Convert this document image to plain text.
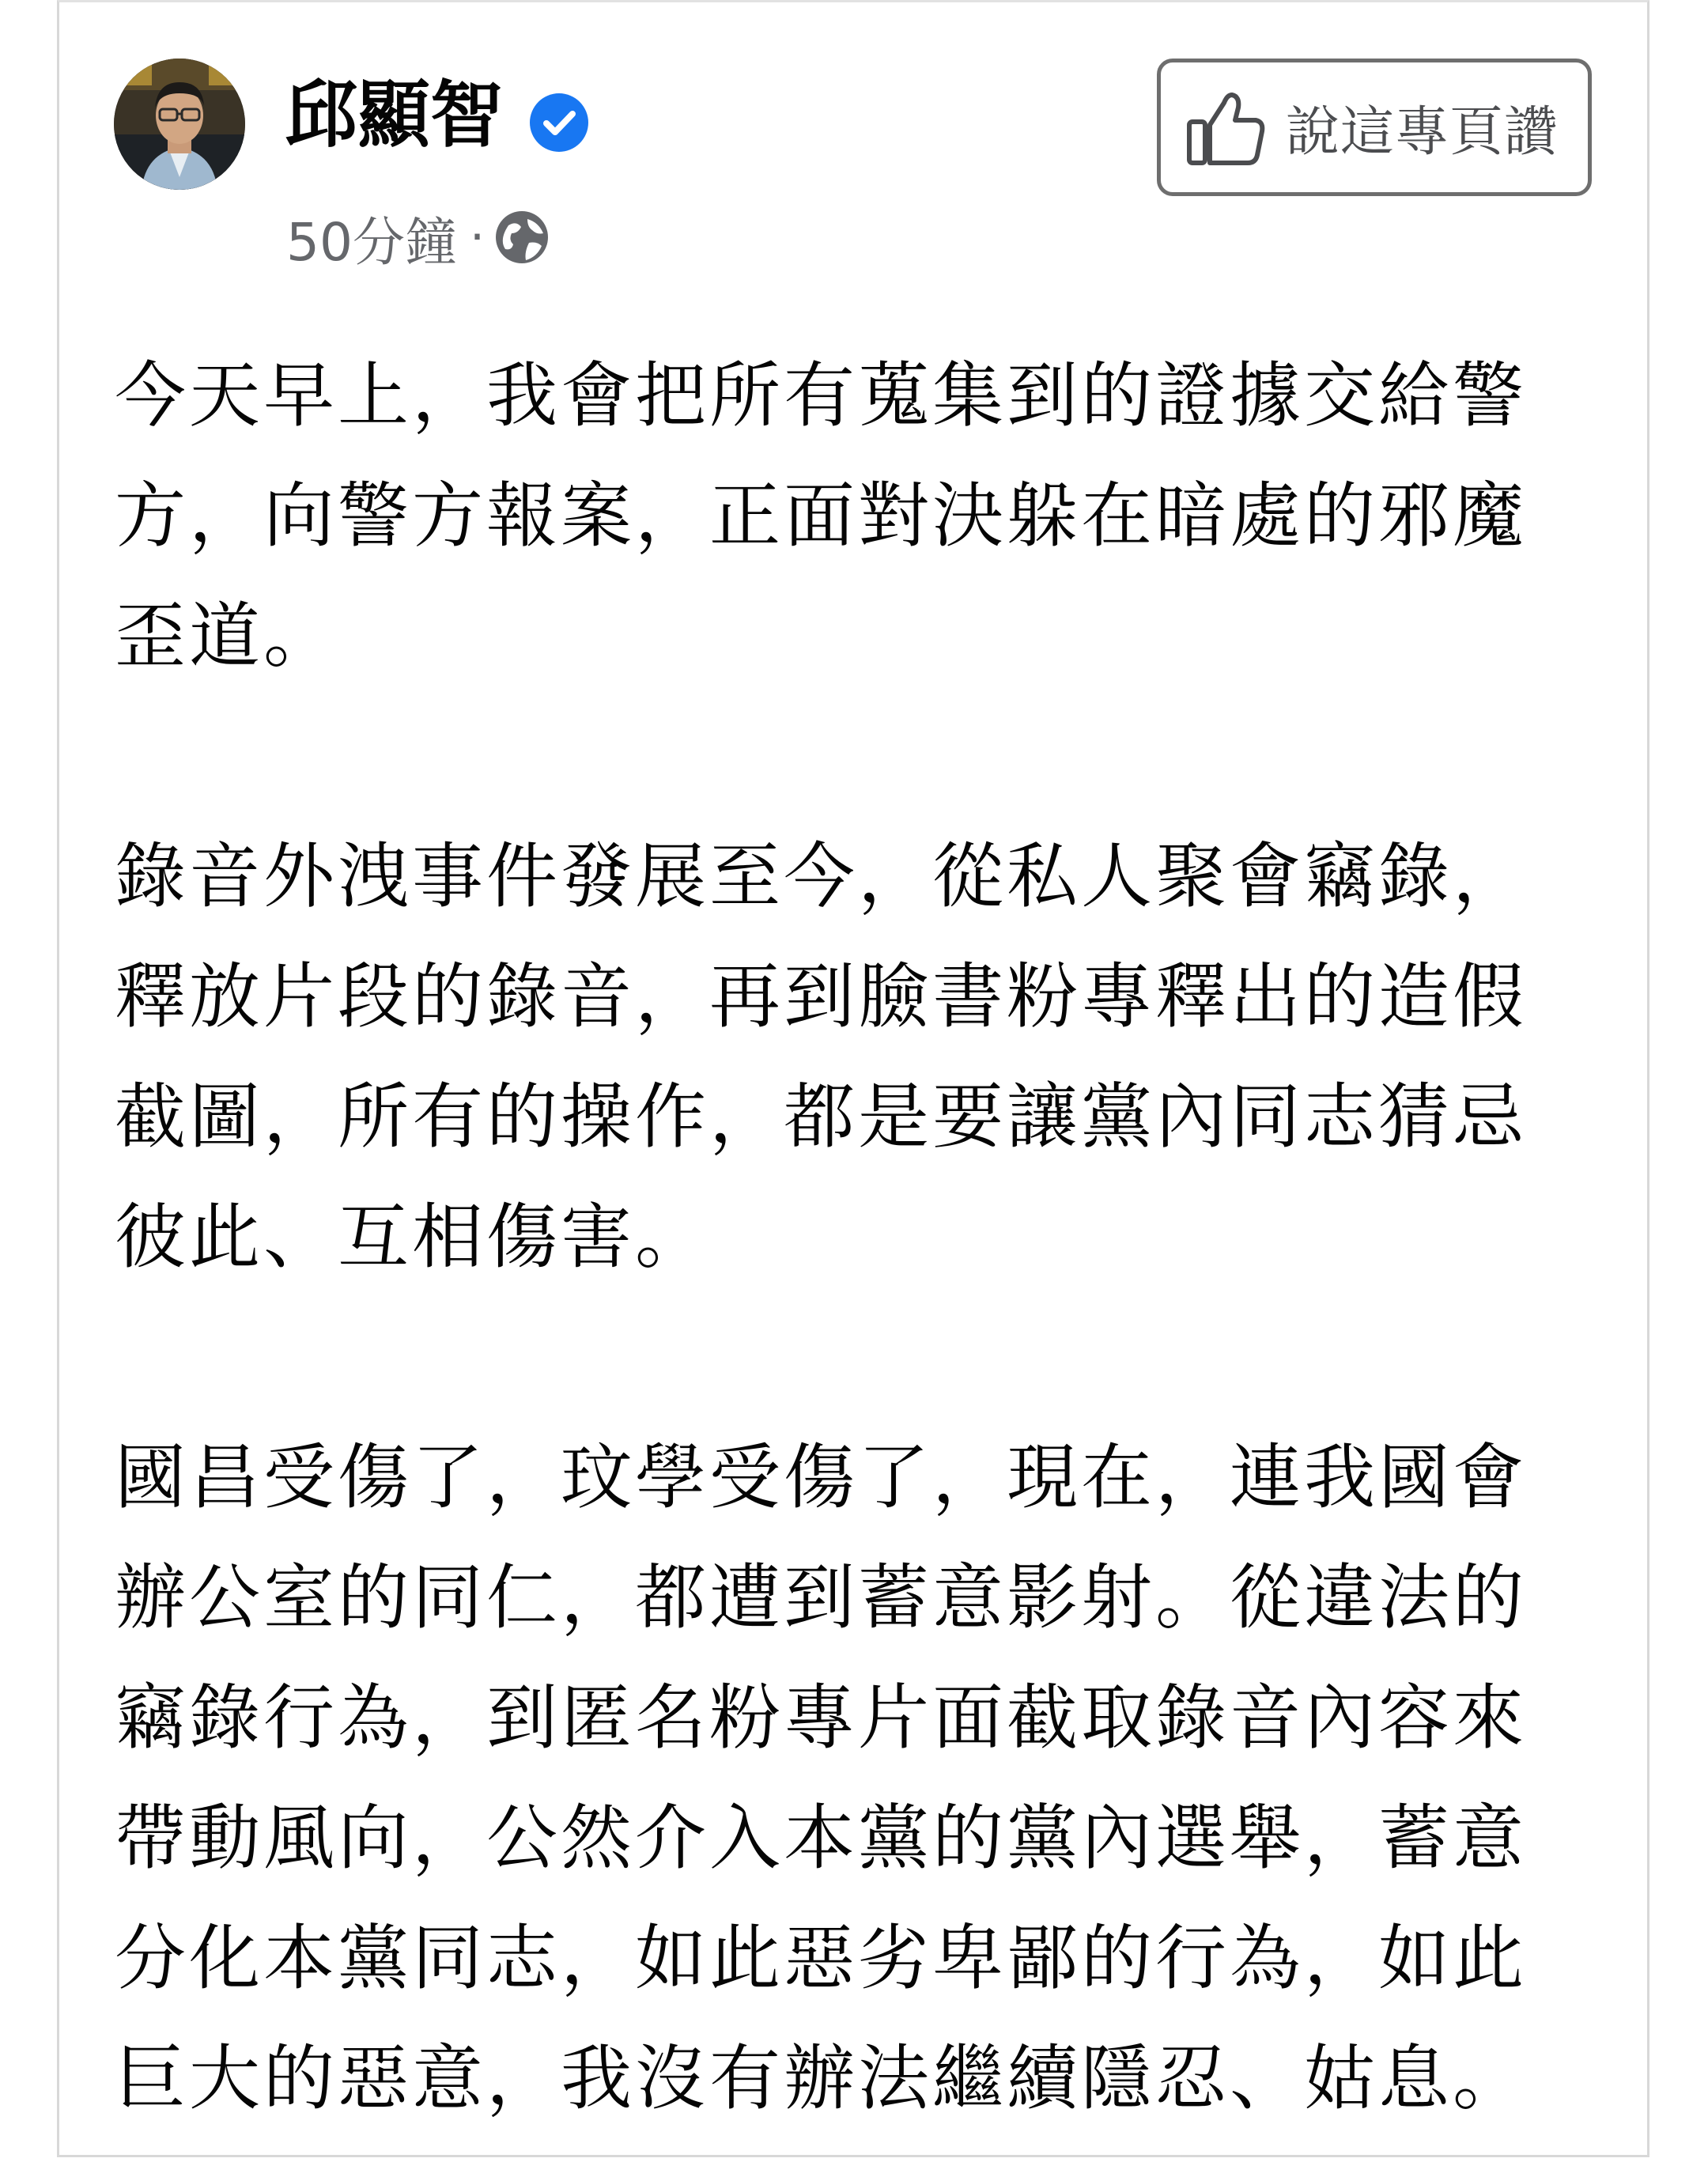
邱顯智
50分鐘 ·
說這專頁讚
今天早上，我會把所有蒐集到的證據交給警
方，向警方報案，正面對決躲在暗處的邪魔
歪道。
錄音外洩事件發展至今，從私人聚會竊錄，
釋放片段的錄音，再到臉書粉專釋出的造假
截圖，所有的操作，都是要讓黨內同志猜忌
彼此、互相傷害。
國昌受傷了，玟學受傷了，現在，連我國會
辦公室的同仁，都遭到蓄意影射。從違法的
竊錄行為，到匿名粉專片面截取錄音內容來
帶動風向，公然介入本黨的黨內選舉，蓄意
分化本黨同志，如此惡劣卑鄙的行為，如此
巨大的惡意，我沒有辦法繼續隱忍、姑息。
